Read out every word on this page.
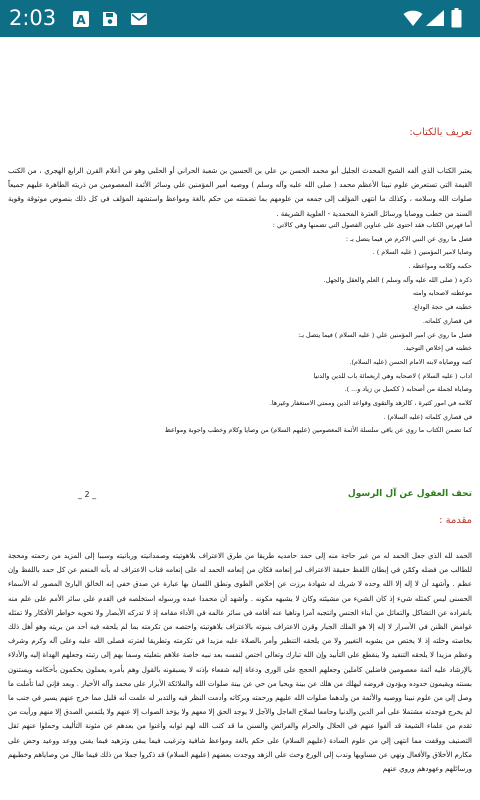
2:03 A
تعريف بالكتاب:

يعتبر الكتاب الذي ألفه الشيخ المحدث الجليل أبو محمد الحسن بن علي بن الحسين بن شعبة الحراني أو الحلبي وهو من أعلام القرن الرابع الهجري ، من الكتب القيمة التي تستعرض علوم نبينا الأعظم محمد ( صلى الله عليه وآله وسلم ) ووصيه أمير المؤمنين علي وسائر الأئمة المعصومين من ذريته الطاهرة عليهم جميعاً صلوات الله وسلامه ، وكذلك ما انتهى المؤلف إلى جمعه من علومهم بما تضمنته من حكم بالغة ومواعظ واستشهد المؤلف في كل ذلك بنصوص موثوقة وقوية السند من خطب ووصايا ورسائل العترة المحمدية - العلوية الشريفة .

أما فهرس الكتاب فقد احتوى على عناوين الفصول التي تضمنها وهي كالاتي :
فصل ما روي عن النبي الاكرم ص فيما يتصل بـ :
وصايا لامير المؤمنين ( عليه السلام ) .
حكمه وكلامه ومواعظه .
ذكره ( صلى الله عليه وآله وسلم ) العلم والعقل والجهل.
موعظته لاصحابه وامته
خطبته في حجة الوداع.
في قصاري كلماته.
فصل ما روي عن امير المؤمنين علي ( عليه السلام ) فيما يتصل بـ:
خطبته في إخلاص التوحيد.
كتبه ووصاياه لابنه الامام الحسن (عليه السلام).
اداب ( عليه السلام ) لاصحابه وهي اربعمائة باب للدين والدنيا
وصاياه لجملة من أصحابه ( ككميل بن زياد و... ).
كلامه في امور كثيرة ، كالزهد والتقوى وقواعد الدين وممتي الاستغفار وغيرها.
في قصاري كلماته (عليه السلام) .
كما تضمن الكتاب ما روي عن باقي سلسلة الأئمة المعصومين (عليهم السلام) من وصايا وكلام وخطب واجوبة ومواعظ
_ 2 _	تحف العقول عن آل الرسول
مقدمة :

الحمد لله الذي جعل الحمد له من غير حاجة منه إلى حمد حامديه طريقا من طرق الاعتراف بلاهوتيته وصمدانيته وربانيته وسببا إلى المزيد من رحمته ومحجة للطالب من فضله وكمّن في إبطان اللفظ حقيقة الاعتراف لبر إنعامه فكان من إنعامه الحمد له على إنعامه فناب الاعتراف له بأنه المنعم عن كل حمد باللفظ وإن عظم . وأشهد أن لا إله إلا الله وحده لا شريك له شهادة برزت عن إخلاص الطوى ونطق اللسان بها عبارة عن صدق خفي إنه الخالق البارئ المصور له الأسماء الحسنى ليس كمثله شيء إذ كان الشيء من مشيئته وكان لا يشبهه مكونه . وأشهد أن محمدا عبده ورسوله استخلصه في القدم على سائر الأمم على علم منه بانفراده عن التشاكل والتماثل من أبناء الجنس وانتجبه آمرا وناهيا عنه أقامه في سائر عالمه في الأداء مقامه إذ لا تدركه الأبصار ولا تحويه خواطر الأفكار ولا تمثله غوامض الظنن في الأسرار لا إله إلا هو الملك الجبار وقرن الاعتراف بنبوته بالاعتراف بلاهوتيته واختصه من تكرمته بما لم يلحقه فيه أحد من بريته وهو أهل ذلك بخاصته وخلته إذ لا يختص من يشوبه التغيير ولا من يلحقه التنظير وأمر بالصلاة عليه مزيدا في تكرمته وتطريقا لعترته فصلى الله عليه وعلى آله وكرم وشرف وعظم مزيدا لا يلحقه التنفيد ولا ينقطع على التأبيد وإن الله تبارك وتعالى اختص لنفسه بعد نبيه خاصة علاهم بتعليته وسما بهم إلى رتبته وجعلهم الهداة إليه والأدلاء بالإرشاد عليه أئمة معصومين فاضلين كاملين وجعلهم الحجج على الورى ودعاة إليه شفعاء بإذنه لا يسبقونه بالقول وهم بأمره يعملون يحكمون بأحكامه ويستنون بسنته ويقيمون حدوده ويؤدون فروضه ليهلك من هلك عن بينة ويحيا من حي عن بينة صلوات الله والملائكة الأبرار على محمد وآله الأخيار . وبعد فإني لما تأملت ما وصل إلي من علوم نبينا ووصيه والأئمة من ولدهما صلوات الله عليهم ورحمته وبركاته وأدمت النظر فيه والتدبر له علمت أنه قليل مما خرج عنهم يسير في جنب ما لم يخرج فوجدته مشتملا على أمر الدين والدنيا وجامعا لصلاح العاجل والآجل لا يوجد الحق إلا معهم ولا يؤخذ الصواب إلا عنهم ولا يلتمس الصدق إلا منهم ورأيت من تقدم من علماء الشيعة قد ألفوا عنهم في الحلال والحرام والفرائض والسنن ما قد كتب الله لهم ثوابه وأغنوا من بعدهم عن مئونة التأليف وحملوا عنهم ثقل التصنيف ووقفت مما انتهى إلي من علوم السادة (عليهم السلام) على حكم بالغة ومواعظ شافية وترغيب فيما يبقى وتزهيد فيما يفنى ووعد ووعيد وحض على مكارم الأخلاق والأفعال ونهي عن مساويها وندب إلى الورع وحث على الزهد ووجدت بعضهم (عليهم السلام) قد ذكروا جملا من ذلك فيما طال من وصاياهم وخطبهم ورسائلهم وعهودهم وروي عنهم
